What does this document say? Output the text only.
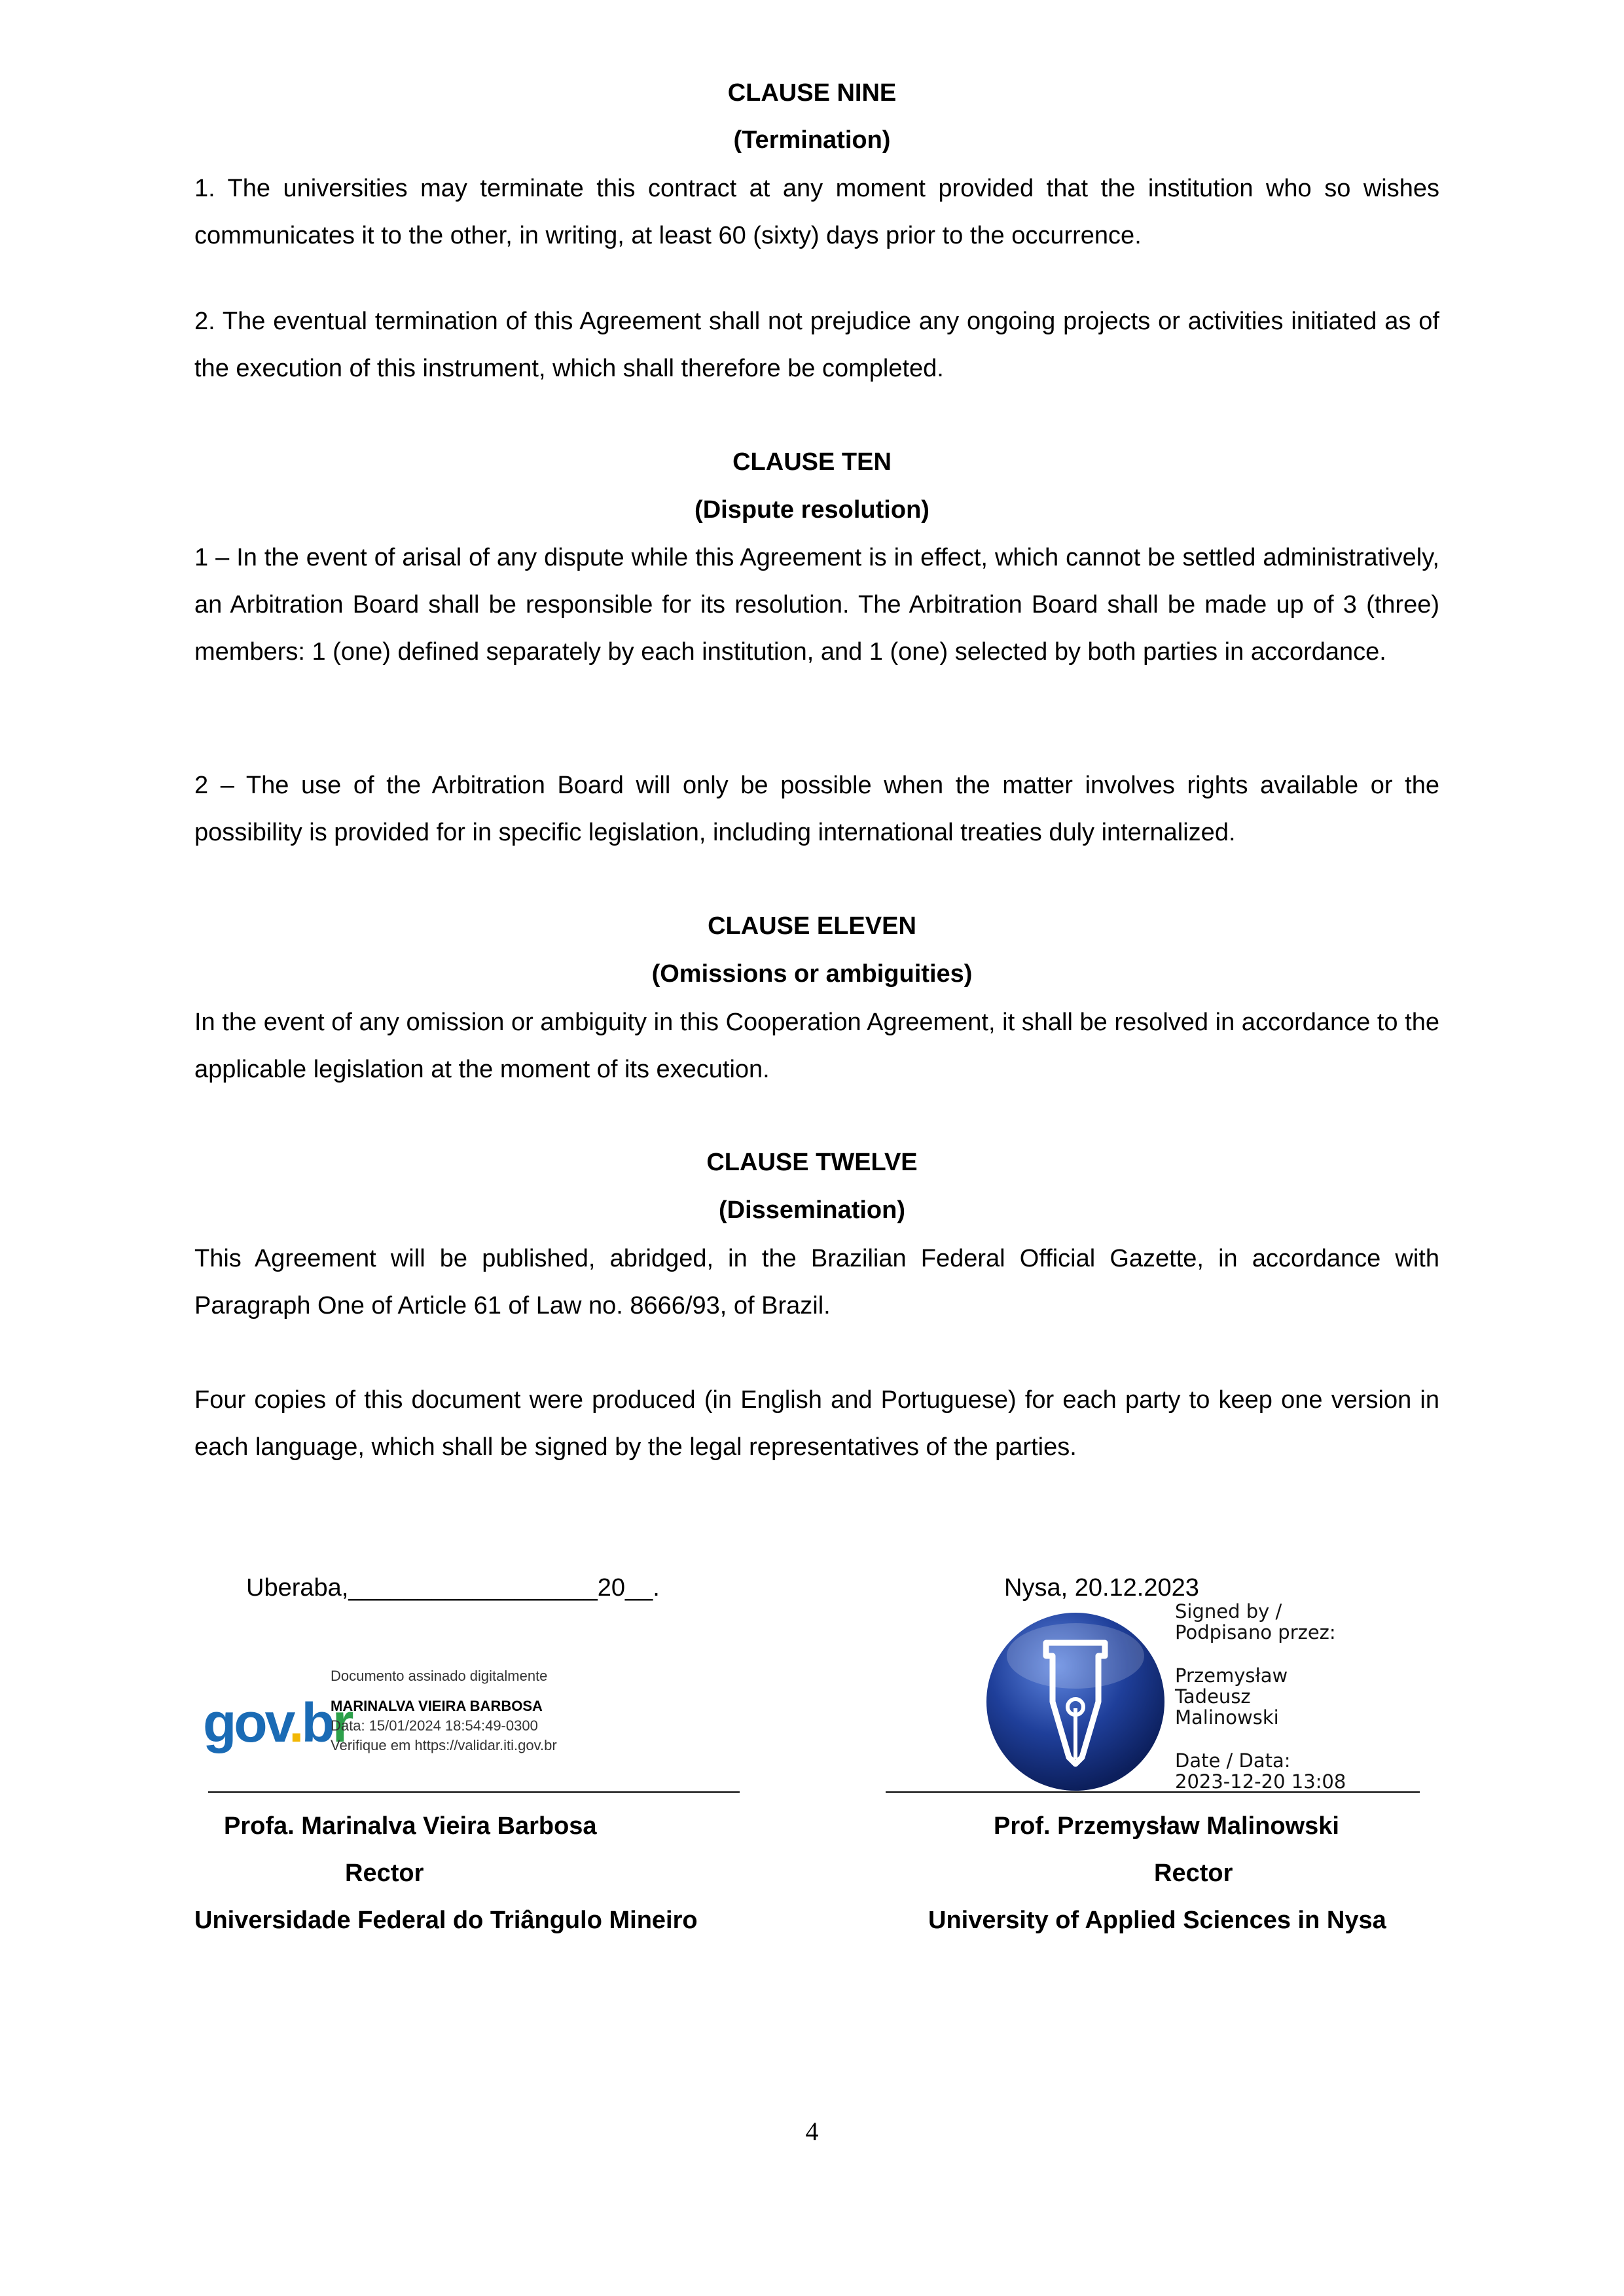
CLAUSE NINE
(Termination)
1. The universities may terminate this contract at any moment provided that the institution who so wishes communicates it to the other, in writing, at least 60 (sixty) days prior to the occurrence.
2. The eventual termination of this Agreement shall not prejudice any ongoing projects or activities initiated as of the execution of this instrument, which shall therefore be completed.
CLAUSE TEN
(Dispute resolution)
1 – In the event of arisal of any dispute while this Agreement is in effect, which cannot be settled administratively, an Arbitration Board shall be responsible for its resolution. The Arbitration Board shall be made up of 3 (three) members: 1 (one) defined separately by each institution, and 1 (one) selected by both parties in accordance.
2 – The use of the Arbitration Board will only be possible when the matter involves rights available or the possibility is provided for in specific legislation, including international treaties duly internalized.
CLAUSE ELEVEN
(Omissions or ambiguities)
In the event of any omission or ambiguity in this Cooperation Agreement, it shall be resolved in accordance to the applicable legislation at the moment of its execution.
CLAUSE TWELVE
(Dissemination)
This Agreement will be published, abridged, in the Brazilian Federal Official Gazette, in accordance with Paragraph One of Article 61 of Law no. 8666/93, of Brazil.
Four copies of this document were produced (in English and Portuguese) for each party to keep one version in each language, which shall be signed by the legal representatives of the parties.
Uberaba,__________________20__.
gov.br
Documento assinado digitalmente
MARINALVA VIEIRA BARBOSA
Data: 15/01/2024 18:54:49-0300
Verifique em https://validar.iti.gov.br
Profa. Marinalva Vieira Barbosa
Rector
Universidade Federal do Triângulo Mineiro
Nysa, 20.12.2023
Signed by /
Podpisano przez:
Przemysław
Tadeusz
Malinowski
Date / Data:
2023-12-20 13:08
Prof. Przemysław Malinowski
Rector
University of Applied Sciences in Nysa
4
